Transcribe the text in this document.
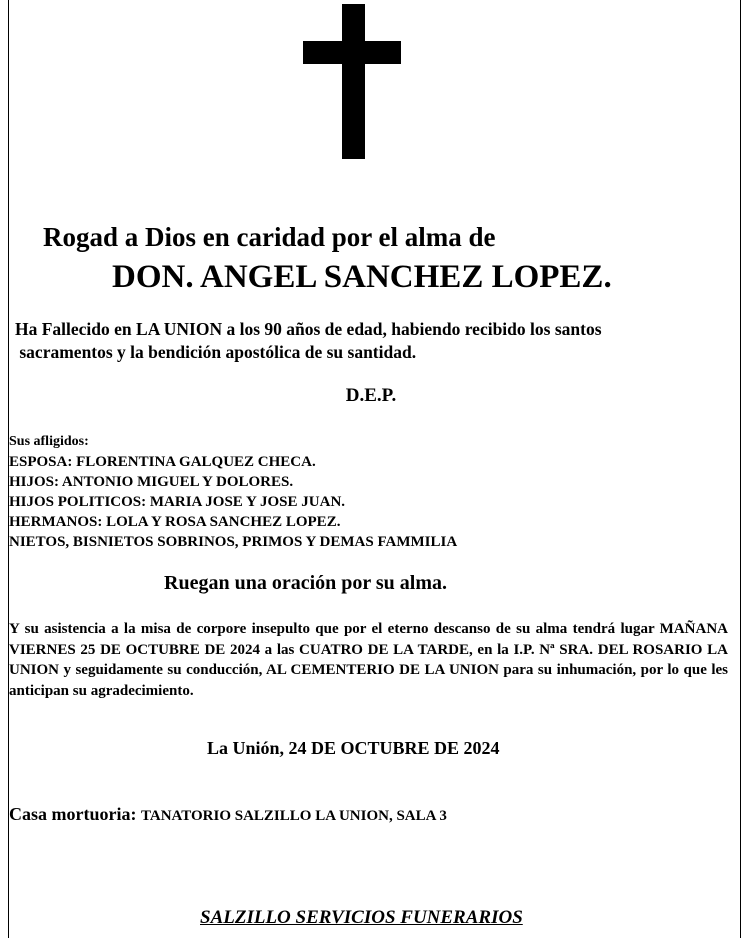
Rogad a Dios en caridad por el alma de
DON. ANGEL SANCHEZ LOPEZ.
Ha Fallecido en LA UNION a los 90 años de edad, habiendo recibido los santos
sacramentos y la bendición apostólica de su santidad.
D.E.P.
Sus afligidos:
ESPOSA: FLORENTINA GALQUEZ CHECA.
HIJOS: ANTONIO MIGUEL Y DOLORES.
HIJOS POLITICOS: MARIA JOSE Y JOSE JUAN.
HERMANOS: LOLA Y ROSA SANCHEZ LOPEZ.
NIETOS, BISNIETOS SOBRINOS, PRIMOS Y DEMAS FAMMILIA
Ruegan una oración por su alma.
Y su asistencia a la misa de corpore insepulto que por el eterno descanso de su alma tendrá lugar MAÑANA VIERNES 25 DE OCTUBRE DE 2024 a las CUATRO DE LA TARDE, en la I.P. Nª SRA. DEL ROSARIO LA UNION y seguidamente su conducción, AL CEMENTERIO DE LA UNION para su inhumación, por lo que les anticipan su agradecimiento.
La Unión, 24 DE OCTUBRE DE 2024
Casa mortuoria: TANATORIO SALZILLO LA UNION, SALA 3
SALZILLO SERVICIOS FUNERARIOS
